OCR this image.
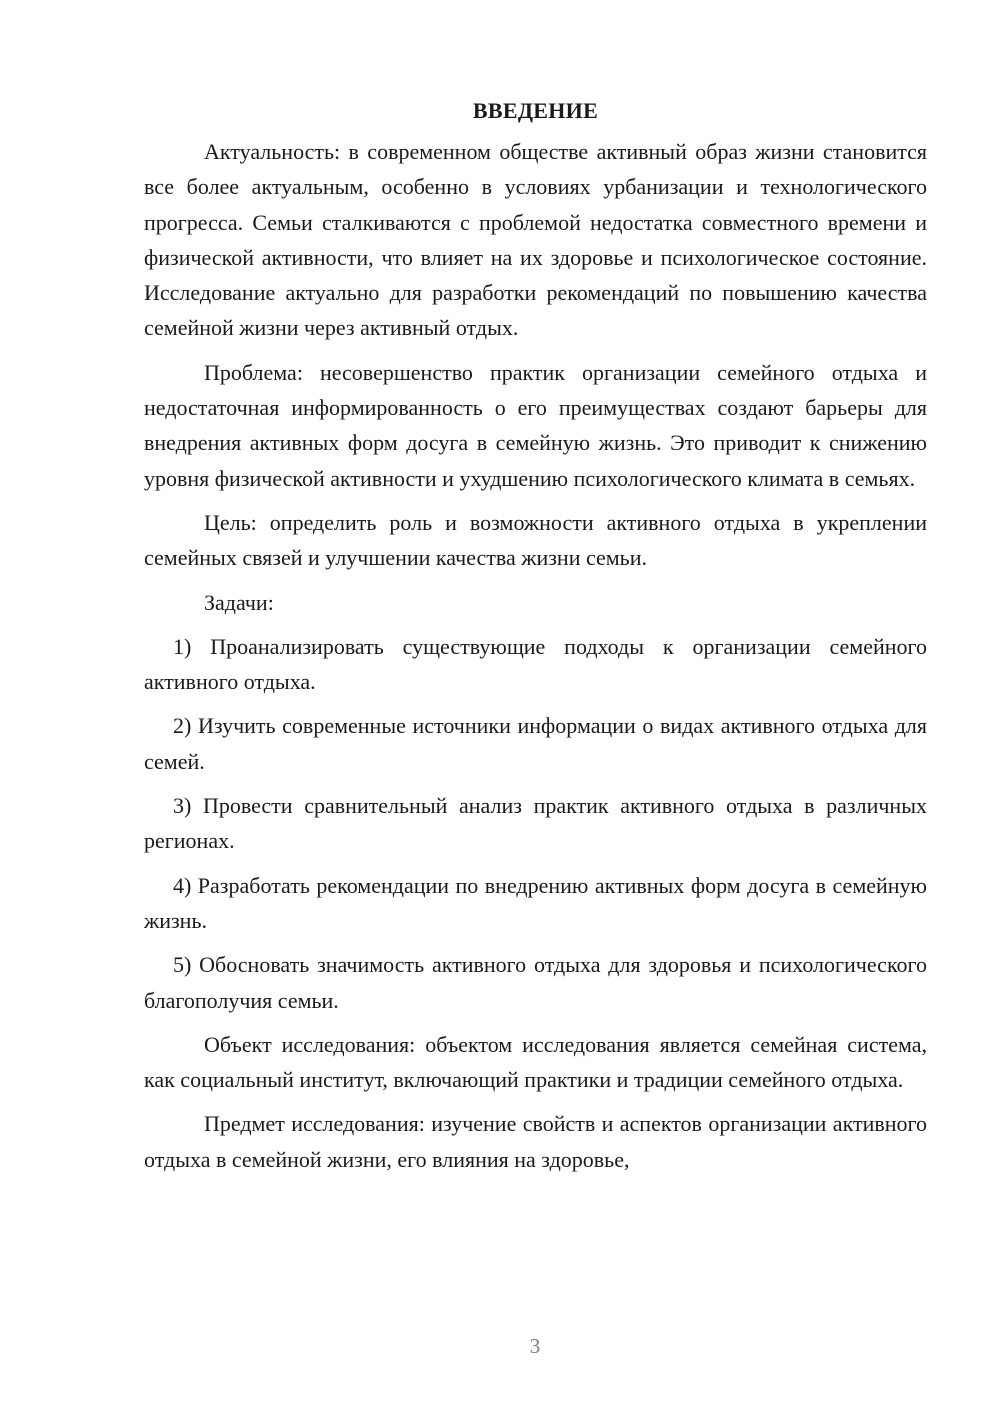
ВВЕДЕНИЕ

Актуальность: в современном обществе активный образ жизни становится все более актуальным, особенно в условиях урбанизации и технологического прогресса. Семьи сталкиваются с проблемой недостатка совместного времени и физической активности, что влияет на их здоровье и психологическое состояние. Исследование актуально для разработки рекомендаций по повышению качества семейной жизни через активный отдых.

Проблема: несовершенство практик организации семейного отдыха и недостаточная информированность о его преимуществах создают барьеры для внедрения активных форм досуга в семейную жизнь. Это приводит к снижению уровня физической активности и ухудшению психологического климата в семьях.

Цель: определить роль и возможности активного отдыха в укреплении семейных связей и улучшении качества жизни семьи.

Задачи:

1) Проанализировать существующие подходы к организации семейного активного отдыха.

2) Изучить современные источники информации о видах активного отдыха для семей.

3) Провести сравнительный анализ практик активного отдыха в различных регионах.

4) Разработать рекомендации по внедрению активных форм досуга в семейную жизнь.

5) Обосновать значимость активного отдыха для здоровья и психологического благополучия семьи.

Объект исследования: объектом исследования является семейная система, как социальный институт, включающий практики и традиции семейного отдыха.

Предмет исследования: изучение свойств и аспектов организации активного отдыха в семейной жизни, его влияния на здоровье,

3
